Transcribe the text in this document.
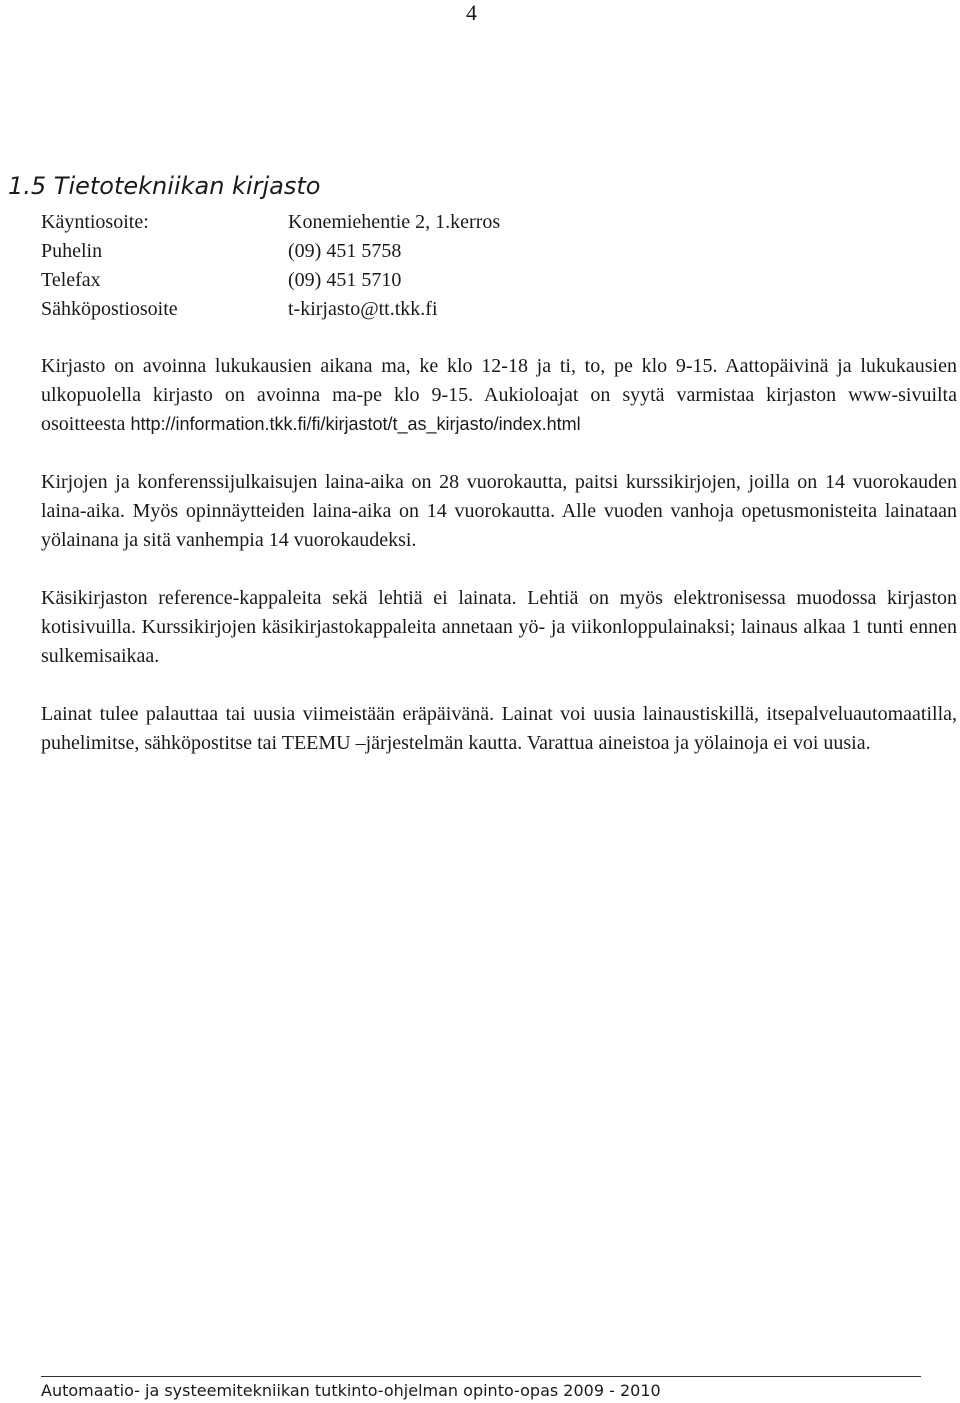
4
1.5 Tietotekniikan kirjasto
Käyntiosoite:	Konemiehentie 2, 1.kerros
Puhelin	(09) 451 5758
Telefax	(09) 451 5710
Sähköpostiosoite	t-kirjasto@tt.tkk.fi

Kirjasto on avoinna lukukausien aikana ma, ke klo 12-18 ja ti, to, pe klo 9-15. Aattopäivinä ja lukukausien ulkopuolella kirjasto on avoinna ma-pe klo 9-15. Aukioloajat on syytä varmistaa kirjaston www-sivuilta osoitteesta http://information.tkk.fi/fi/kirjastot/t_as_kirjasto/index.html

Kirjojen ja konferenssijulkaisujen laina-aika on 28 vuorokautta, paitsi kurssikirjojen, joilla on 14 vuorokauden laina-aika. Myös opinnäytteiden laina-aika on 14 vuorokautta. Alle vuoden vanhoja opetusmonisteita lainataan yölainana ja sitä vanhempia 14 vuorokaudeksi.

Käsikirjaston reference-kappaleita sekä lehtiä ei lainata. Lehtiä on myös elektronisessa muodossa kirjaston kotisivuilla. Kurssikirjojen käsikirjastokappaleita annetaan yö- ja viikonloppulainaksi; lainaus alkaa 1 tunti ennen sulkemisaikaa.

Lainat tulee palauttaa tai uusia viimeistään eräpäivänä. Lainat voi uusia lainaustiskillä, itsepalveluautomaatilla, puhelimitse, sähköpostitse tai TEEMU –järjestelmän kautta. Varattua aineistoa ja yölainoja ei voi uusia.

Automaatio- ja systeemitekniikan tutkinto-ohjelman opinto-opas 2009 - 2010
